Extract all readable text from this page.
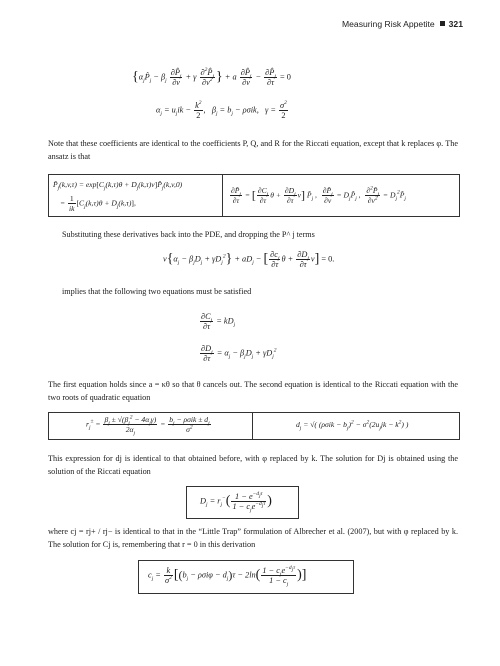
Measuring Risk Appetite 321
{$\alpha_jP̂_j - \beta_j \frac{\partial P̂_j}{\partial v} + \gamma \frac{\partial^2P̂_j}{\partial v^2}$ } + a $\frac{\partial P̂_j}{\partial v} - \frac{\partial P̂_j}{\partial\tau} = 0$
$\alpha_j = u_jik - \frac{k^2}{2}$ ,   $\beta_j = b_j - \rho\sigma ik$,   $\gamma = \frac{\sigma^2}{2}$

Note that these coefficients are identical to the coefficients P, Q, and R for the Riccati equation, except that k replaces φ. The ansatz is that

$P̂_j(k,v,\tau) = \exp[C_j(k,\tau)\theta$ + $D_j(k,\tau)v]P̂_j(k,v,0)$
= $\frac{1}{ik} [C_j(k,\tau)\theta + D_j(k,\tau)]$,	$\frac{\partial P̂_j}{\partial\tau}$ = [ $\frac{\partial C_j}{\partial\tau}$ $\theta + \frac{\partial D_j}{\partial\tau} v$] $P̂_j$ , $\frac{\partial P̂_j}{\partial v}$ = $D_jP̂_j$ , $\frac{\partial^2P̂_j}{\partial v^2}$ = $D_j^2P̂_j$

Substituting these derivatives back into the PDE, and dropping the P^ j terms

$v\{\alpha_j - \beta_jD_j + \gamma D_j^2\} + aD_j$ − [ $\frac{\partial c_j}{\partial\tau}$ $\theta + \frac{\partial D_j}{\partial\tau} v] = 0$.

implies that the following two equations must be satisfied

$\frac{\partial C_j}{\partial\tau} = kD_j$
$\frac{\partial D_j}{\partial\tau} = \alpha_j - \beta_jD_j + \gamma D_j^2$

The first equation holds since a = κθ so that θ cancels out. The second equation is identical to the Riccati equation with the two roots of quadratic equation

$r_j^\pm = \frac{\beta_j \pm √(\beta_j^2 - 4\alpha_j\gamma)}{2\alpha_j} = \frac{b_j - \rho\sigma ik \pm d_j}{\sigma^2}$	$d_j$ = √( $(\rho\sigma ik - b_j)^2 - \sigma^2(2u_jjk - k^2)$ )

This expression for dj is identical to that obtained before, with φ replaced by k. The solution for Dj is obtained using the solution of the Riccati equation

$D_j = r_j^-( \frac{1 - e^{-d_j\tau}}{1 - c_je^{-d_j\tau}}$ )

where cj = rj+ / rj− is identical to that in the “Little Trap” formulation of Albrecher et al. (2007), but with φ replaced by k. The solution for Cj is, remembering that r = 0 in this derivation

$c_j = \frac{k}{\sigma^2} [(b_j - \rho\sigma i\varphi - d_j)\tau - 2\ln( \frac{1 - c_je^{-d_j\tau}}{1 - c_j}$ )]
